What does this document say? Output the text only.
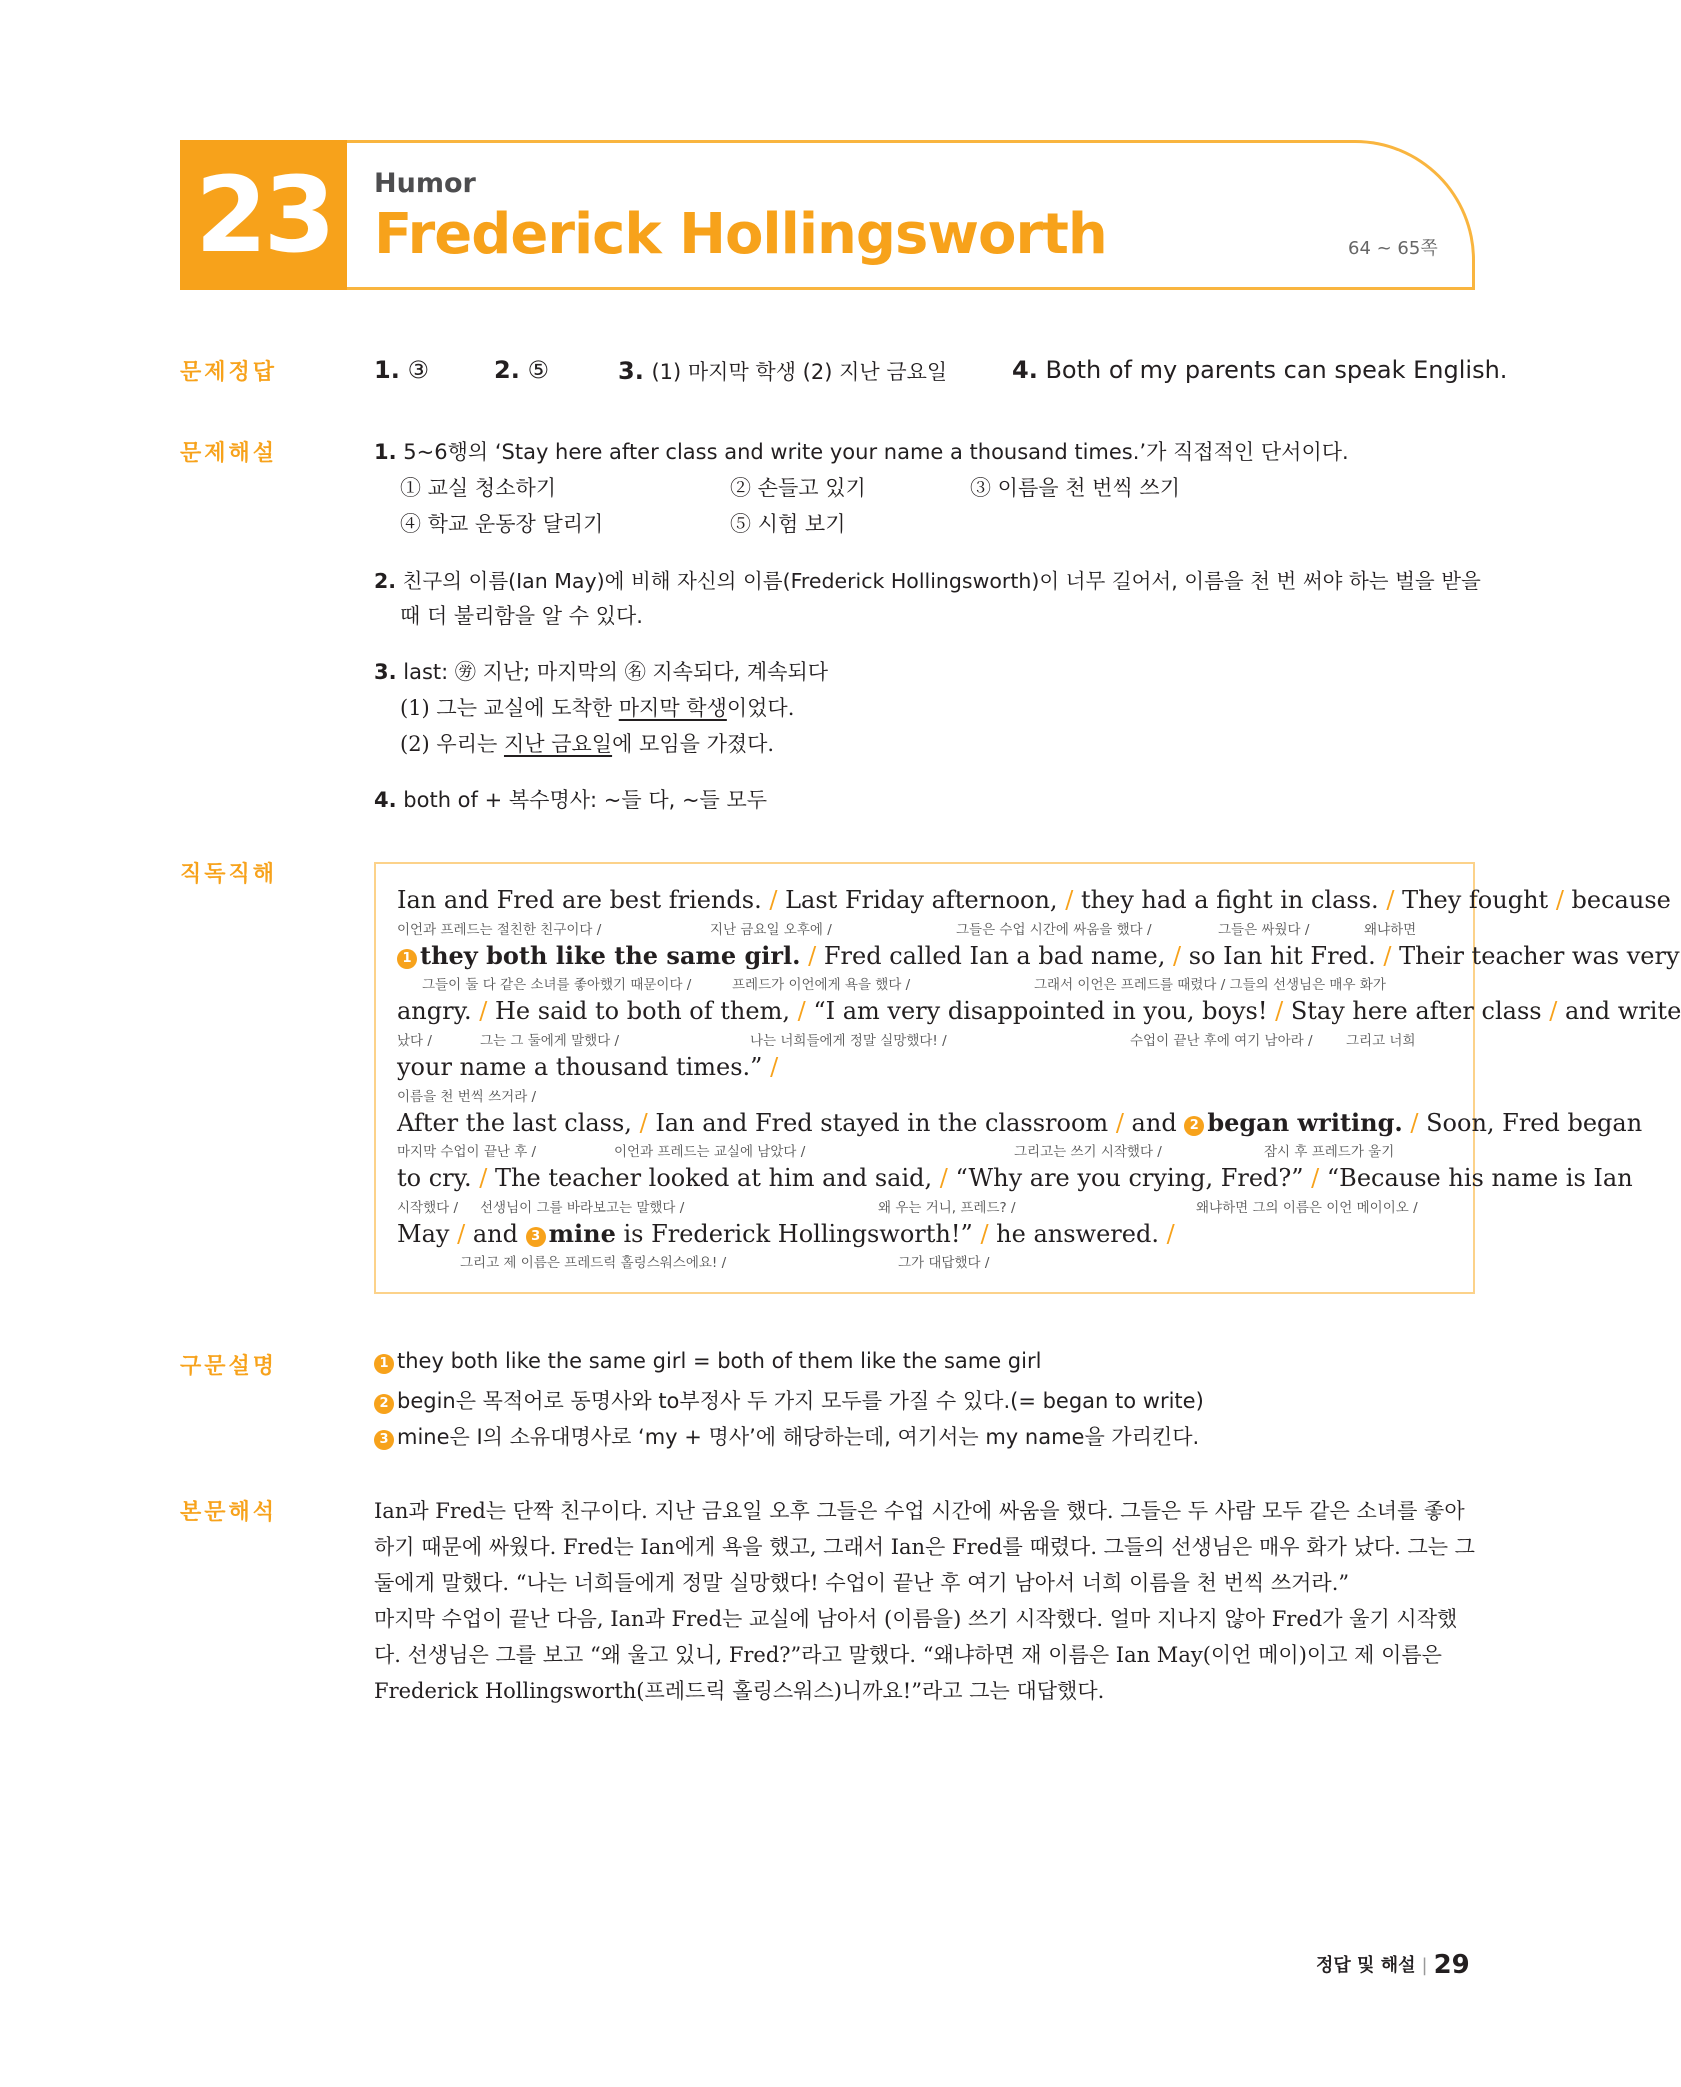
23	Humor
Frederick Hollingsworth	64 ~ 65쪽
문제정답	1. ③	2. ⑤	3. (1) 마지막 학생 (2) 지난 금요일	4. Both of my parents can speak English.
문제해설	1. 5~6행의 ‘Stay here after class and write your name a thousand times.’가 직접적인 단서이다.
① 교실 청소하기	② 손들고 있기	③ 이름을 천 번씩 쓰기
④ 학교 운동장 달리기	⑤ 시험 보기
2. 친구의 이름(Ian May)에 비해 자신의 이름(Frederick Hollingsworth)이 너무 길어서, 이름을 천 번 써야 하는 벌을 받을
때 더 불리함을 알 수 있다.
3. last: ㊘ 지난; 마지막의 ㊔ 지속되다, 계속되다
(1) 그는 교실에 도착한 마지막 학생이었다.
(2) 우리는 지난 금요일에 모임을 가졌다.
4. both of + 복수명사: ~들 다, ~들 모두
직독직해
Ian and Fred are best friends. / Last Friday afternoon, / they had a fight in class. / They fought / because
이언과 프레드는 절친한 친구이다 /	지난 금요일 오후에 /	그들은 수업 시간에 싸움을 했다 /	그들은 싸웠다 /	왜냐하면
1 they both like the same girl. / Fred called Ian a bad name, / so Ian hit Fred. / Their teacher was very
그들이 둘 다 같은 소녀를 좋아했기 때문이다 /	프레드가 이언에게 욕을 했다 /	그래서 이언은 프레드를 때렸다 / 그들의 선생님은 매우 화가
angry. / He said to both of them, / “I am very disappointed in you, boys! / Stay here after class / and write
났다 /	그는 그 둘에게 말했다 /	나는 너희들에게 정말 실망했다! /	수업이 끝난 후에 여기 남아라 / 그리고 너희
your name a thousand times.” /
이름을 천 번씩 쓰거라 /
After the last class, / Ian and Fred stayed in the classroom / and 2 began writing. / Soon, Fred began
마지막 수업이 끝난 후 /	이언과 프레드는 교실에 남았다 /	그리고는 쓰기 시작했다 /	잠시 후 프레드가 울기
to cry. / The teacher looked at him and said, / “Why are you crying, Fred?” / “Because his name is Ian
시작했다 / 선생님이 그를 바라보고는 말했다 /	왜 우는 거니, 프레드? /	왜냐하면 그의 이름은 이언 메이이오 /
May / and 3 mine is Frederick Hollingsworth!” / he answered. /
그리고 제 이름은 프레드릭 홀링스워스에요! /	그가 대답했다 /
구문설명	1 they both like the same girl = both of them like the same girl
2 begin은 목적어로 동명사와 to부정사 두 가지 모두를 가질 수 있다.(= began to write)
3 mine은 I의 소유대명사로 ‘my + 명사’에 해당하는데, 여기서는 my name을 가리킨다.
본문해석	Ian과 Fred는 단짝 친구이다. 지난 금요일 오후 그들은 수업 시간에 싸움을 했다. 그들은 두 사람 모두 같은 소녀를 좋아
하기 때문에 싸웠다. Fred는 Ian에게 욕을 했고, 그래서 Ian은 Fred를 때렸다. 그들의 선생님은 매우 화가 났다. 그는 그
둘에게 말했다. “나는 너희들에게 정말 실망했다! 수업이 끝난 후 여기 남아서 너희 이름을 천 번씩 쓰거라.”
마지막 수업이 끝난 다음, Ian과 Fred는 교실에 남아서 (이름을) 쓰기 시작했다. 얼마 지나지 않아 Fred가 울기 시작했
다. 선생님은 그를 보고 “왜 울고 있니, Fred?”라고 말했다. “왜냐하면 재 이름은 Ian May(이언 메이)이고 제 이름은
Frederick Hollingsworth(프레드릭 홀링스워스)니까요!”라고 그는 대답했다.
정답 및 해설 | 29
